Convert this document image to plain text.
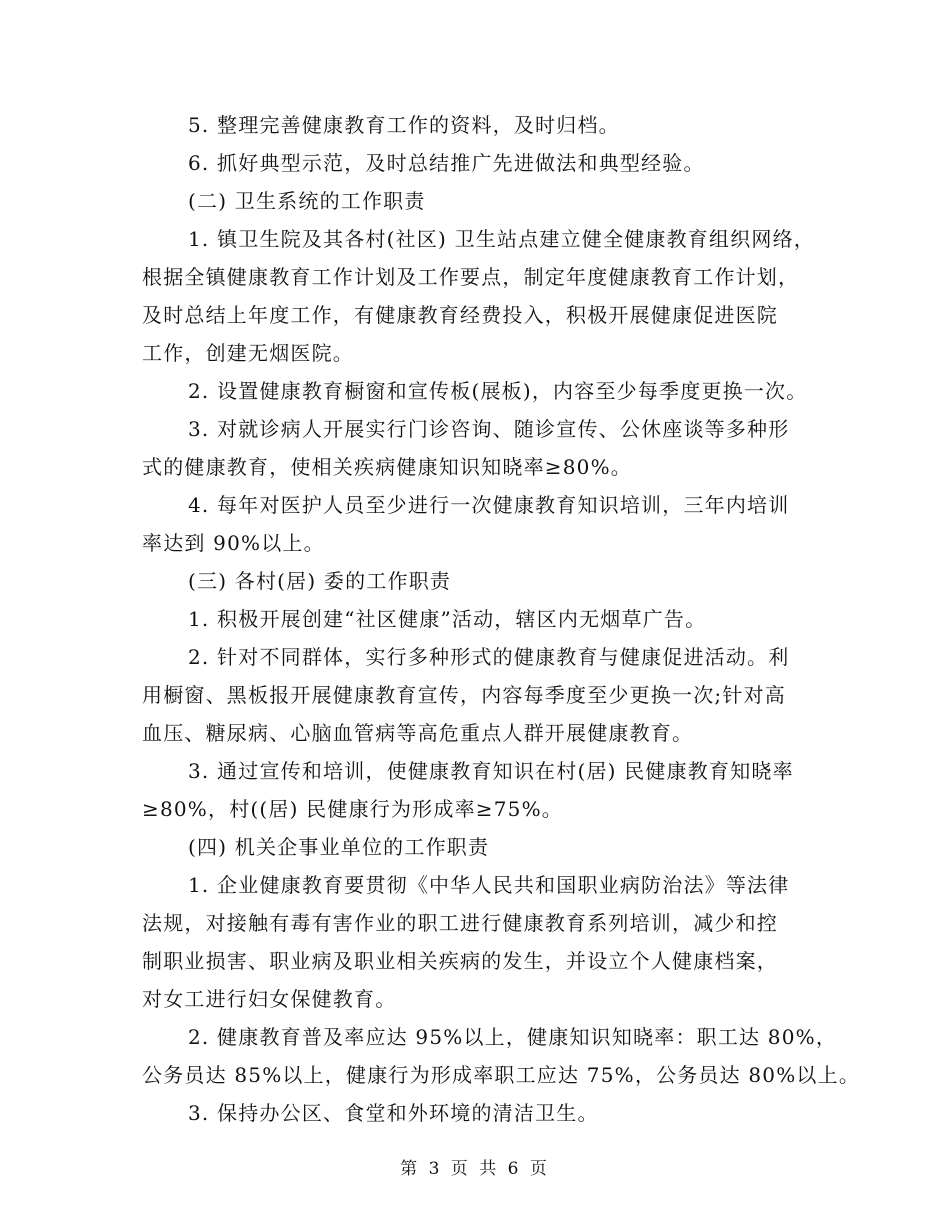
5. 整理完善健康教育工作的资料，及时归档。
6. 抓好典型示范，及时总结推广先进做法和典型经验。
(二) 卫生系统的工作职责
1. 镇卫生院及其各村(社区) 卫生站点建立健全健康教育组织网络，
根据全镇健康教育工作计划及工作要点，制定年度健康教育工作计划，
及时总结上年度工作，有健康教育经费投入，积极开展健康促进医院
工作，创建无烟医院。
2. 设置健康教育橱窗和宣传板(展板)，内容至少每季度更换一次。
3. 对就诊病人开展实行门诊咨询、随诊宣传、公休座谈等多种形
式的健康教育，使相关疾病健康知识知晓率≥80%。
4. 每年对医护人员至少进行一次健康教育知识培训，三年内培训
率达到 90%以上。
(三) 各村(居) 委的工作职责
1. 积极开展创建“社区健康”活动，辖区内无烟草广告。
2. 针对不同群体，实行多种形式的健康教育与健康促进活动。利
用橱窗、黑板报开展健康教育宣传，内容每季度至少更换一次;针对高
血压、糖尿病、心脑血管病等高危重点人群开展健康教育。
3. 通过宣传和培训，使健康教育知识在村(居) 民健康教育知晓率
≥80%，村((居) 民健康行为形成率≥75%。
(四) 机关企事业单位的工作职责
1. 企业健康教育要贯彻《中华人民共和国职业病防治法》等法律
法规，对接触有毒有害作业的职工进行健康教育系列培训，减少和控
制职业损害、职业病及职业相关疾病的发生，并设立个人健康档案，
对女工进行妇女保健教育。
2. 健康教育普及率应达 95%以上，健康知识知晓率：职工达 80%，
公务员达 85%以上，健康行为形成率职工应达 75%，公务员达 80%以上。
3. 保持办公区、食堂和外环境的清洁卫生。
第 3 页 共 6 页
